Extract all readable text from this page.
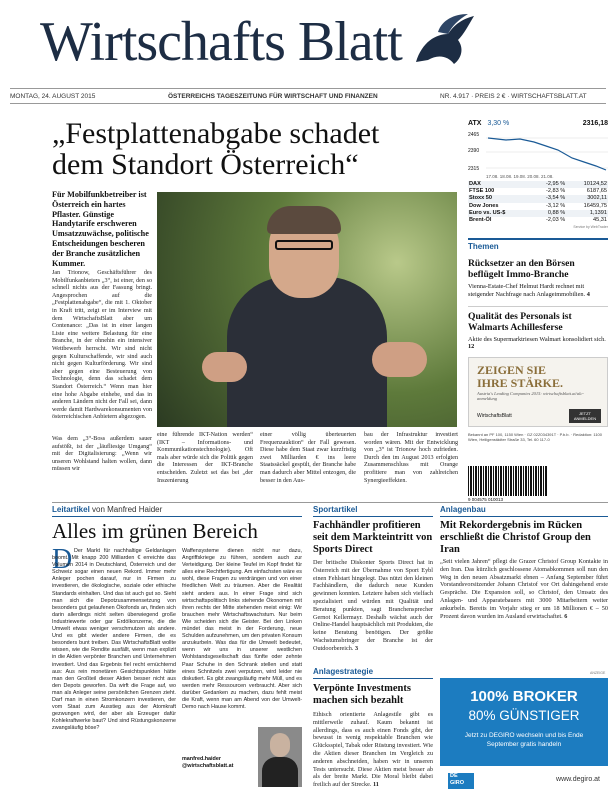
Wirtschafts Blatt
MONTAG, 24. AUGUST 2015	ÖSTERREICHS TAGESZEITUNG FÜR WIRTSCHAFT UND FINANZEN	NR. 4.917 · PREIS 2 € · WIRTSCHAFTSBLATT.AT
„Festplattenabgabe schadet
dem Standort Österreich“
Für Mobilfunkbetreiber ist Österreich ein hartes Pflaster. Günstige Handytarife erschweren Umsatzzuwächse, politische Entscheidungen bescheren der Branche zusätzlichen Kummer.
Jan Trionow, Geschäftsführer des Mobilfunkanbieters „3“, ist einer, den so schnell nichts aus der Fassung bringt. Angesprochen auf die „Festplattenabgabe“, die mit 1. Oktober in Kraft tritt, zeigt er im Interview mit dem WirtschaftsBlatt aber um Contenance: „Das ist in einer langen Liste eine weitere Belastung für eine Branche, in der ohnehin ein intensiver Wettbewerb herrscht. Wir sind nicht gegen Kulturschaffende, wir sind auch nicht gegen Kulturförderung. Wir sind aber gegen eine Besteuerung von Technologie, denn das schadet dem Standort Österreich.“ Wenn man hier eine hohe Abgabe einhebe, und das in anderen Ländern nicht der Fall sei, dann werde damit Hardwarekonsumenten von österreichischen Anbietern abgezogen.
Was dem „3“-Boss außerdem sauer aufstößt, ist der „läufliesige Umgang“ mit der Digitalisierung: „Wenn wir unseren Wohlstand halten wollen, dann müssen wir
eine führende IKT-Nation werden“ (IKT – Informations- und Kommunikationstechnologie). Oft mals aber würde sich die Politik gegen die Interessen der IKT-Branche entscheiden. Zuletzt sei das bei „der Inszenierung
einer völlig überteuerten Frequenzauktion“ der Fall gewesen. Diese habe dem Staat zwar kurzfristig zwei Milliarden € ins leere Staatssäckel gespült, der Branche habe man dadurch aber Mittel entzogen, die besser in den Aus-
bau der Infrastruktur investiert worden wären. Mit der Entwicklung von „3“ ist Trionow hoch zufrieden. Durch den im August 2013 erfolgten Zusammenschluss mit Orange profitiere man von zahlreichen Synergieeffekten.
ATX 3,30 %	2316,18
2465
2390
2315
17.08. 18.08. 19.08. 20.08. 21.08.
DAX	-2,95 %	10124,52
FTSE 100	-2,83 %	6187,65
Stoxx 50	-3,54 %	3002,11
Dow Jones	-3,12 %	16459,75
Euro vs. US-$	0,88 %	1,1391
Brent-Öl	-2,03 %	45,31
Service by WebTrader
Themen
Rücksetzer an den Börsen beflügelt Immo-Branche

Vienna-Estate-Chef Helmut Hardt rechnet mit steigender Nachfrage nach Anlageimmobilien. 4

Qualität des Personals ist Walmarts Achillesferse

Aktie des Supermarktriesen Walmart konsolidiert sich. 12

ZEIGEN SIE
IHRE STÄRKE.
Austria's Leading Companies 2015: wirtschaftsblatt.at/alc-anmeldung
WirtschaftsBlatt	JETZT ANMELDEN
Bekannt an PF 100, 1150 Wien · GZ 02Z034391T · P.b.b. · Redaktion: 1100 Wien, Heiligenstädter Straße 33, Tel. 60 117-0
9 004575 010013
Leitartikel von Manfred Haider
Alles im grünen Bereich
D Der Markt für nachhaltige Geldanlagen boomt. Mit knapp 200 Milliarden € erreichte das Volumen 2014 in Deutschland, Österreich und der Schweiz sogar einen neuen Rekord. Immer mehr Anleger pochen darauf, nur in Firmen zu investieren, die ökologische, soziale oder ethische Standards einhalten. Und das ist auch gut so. Sieht man sich die Depotzusammensetzung von besonders gut gelaufenen Ökofonds an, finden sich darin allerdings nicht selten überwiegend große Industriewerte oder gar Erdölkonzerne, die die Umwelt etwas weniger verschmutzen als andere. Und es gibt wieder andere Firmen, die es besonders bunt treiben. Das WirtschaftsBlatt wollte wissen, wie die Rendite ausfällt, wenn man explizit in die Aktien verpönter Branchen und Unternehmen investiert. Und das Ergebnis fiel recht ernüchternd aus: Aus rein monetären Gesichtspunkten hätte man den Großteil dieser Aktien besser nicht aus den Depots geworfen. Da wirft die Frage auf, wo man als Anleger seine persönlichen Grenzen zieht. Darf man in einen Stromkonzern investieren, der vom Staat zum Ausstieg aus der Atomkraft gezwungen wird, der aber als Erzeuger dafür Kohlekraftwerke baut? Und sind Rüstungskonzerne zwangsläufig böse?
Waffensysteme dienen nicht nur dazu, Angriffskriege zu führen, sondern auch zur Verteidigung. Der kleine Teufel im Kopf findet für alles eine Rechtfertigung. Am einfachsten wäre es wohl, diese Fragen zu verdrängen und von einer friedlichen Welt zu träumen. Aber die Realität sieht anders aus. In einer Frage sind sich wirtschaftspolitisch links stehende Ökonomen mit ihren rechts der Mitte stehenden meist einig: Wir brauchen mehr Wirtschaftswachstum. Nur beim Wie scheiden sich die Geister. Bei den Linken mündet das meist in der Forderung, neue Schulden aufzunehmen, um den privaten Konsum anzukurbeln. Was das für die Umwelt bedeutet, wenn wir uns in unserer westlichen Wohlstandsgesellschaft das fünfte oder zehnte Paar Schuhe in den Schrank stellen und statt eines Schnitzels zwei verputzen, wird leider nie diskutiert. Es gibt zwangsläufig mehr Müll, und es werden mehr Ressourcen verbraucht. Aber sich darüber Gedanken zu machen, dazu fehlt meist die Kraft, wenn man am Abend von der Umwelt-Demo nach Hause kommt.
manfred.haider
@wirtschaftsblatt.at
Sportartikel
Fachhändler profitieren seit dem Markteintritt von Sports Direct
Der britische Diskonter Sports Direct hat in Österreich mit der Übernahme von Sport Eybl einen Fehlstart hingelegt. Das nützt den kleinen Fachhändlern, die dadurch neue Kunden gewinnen konnten. Letztere haben sich vielfach spezialisiert und würden mit Qualität und Beratung punkten, sagt Branchensprecher Gernot Kellermayr. Deshalb wächst auch der Online-Handel hauptsächlich mit Produkten, die keine Beratung benötigen. Der größte Wachstumsbringer der Branche ist der Outdoorbereich. 3
Anlagestrategie
Verpönte Investments machen sich bezahlt
Ethisch orientierte Anlagestile gibt es mittlerweile zuhauf. Kaum bekannt ist allerdings, dass es auch einen Fonds gibt, der bewusst in wenig respektable Branchen wie Glücksspiel, Tabak oder Rüstung investiert. Wie die Aktien dieser Branchen im Vergleich zu anderen abschneiden, haben wir in unseren Tests untersucht. Diese Aktien meist besser ab als der breite Markt. Die Moral bleibt dabei freilich auf der Strecke. 11
Anlagenbau
Mit Rekordergebnis im Rücken erschließt die Christof Group den Iran
„Seit vielen Jahren“ pflegt die Grazer Christof Group Kontakte in den Iran. Das kürzlich geschlossene Atomabkommen soll nun den Weg in den neuen Absatzmarkt ebnen – Anfang September führt Vorstandsvorsitzender Johann Christof vor Ort dahingehend erste Gespräche. Die Expansion soll, so Christof, den Umsatz des Anlagen- und Apparatebauers mit 3000 Mitarbeitern weiter ankurbeln. Bereits im Vorjahr stieg er um 18 Millionen € – 50 Prozent davon wurden im Ausland erwirtschaftet. 6
ANZEIGE
100% BROKER
80% GÜNSTIGER
Jetzt zu DEGIRO wechseln und bis Ende September gratis handeln
DE
GIRO	www.degiro.at
